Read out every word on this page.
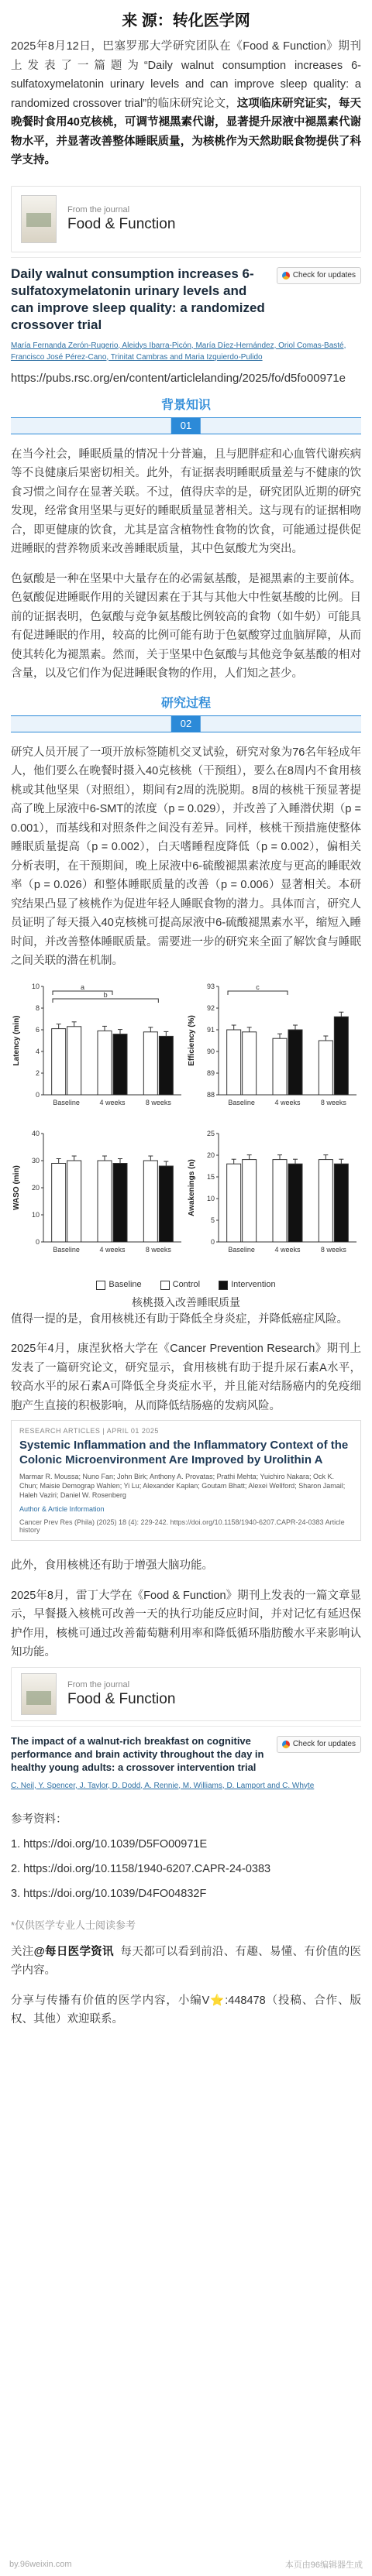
来 源：转化医学网

2025年8月12日，巴塞罗那大学研究团队在《Food & Function》期刊上发表了一篇题为“Daily walnut consumption increases 6-sulfatoxymelatonin urinary levels and can improve sleep quality: a randomized crossover trial”的临床研究论文，这项临床研究证实，每天晚餐时食用40克核桃，可调节褪黑素代谢，显著提升尿液中褪黑素代谢物水平，并显著改善整体睡眠质量，为核桃作为天然助眠食物提供了科学支持。

From the journal
Food & Function
Daily walnut consumption increases 6-sulfatoxymelatonin urinary levels and can improve sleep quality: a randomized crossover trial
Check for updates
María Fernanda Zerón-Rugerio, Aleidys Ibarra-Picón, María Díez-Hernández, Oriol Comas-Basté, Francisco José Pérez-Cano, Trinitat Cambras and Maria Izquierdo-Pulido
https://pubs.rsc.org/en/content/articlelanding/2025/fo/d5fo00971e
背景知识
01

在当今社会，睡眠质量的情况十分普遍，且与肥胖症和心血管代谢疾病等不良健康后果密切相关。此外，有证据表明睡眠质量差与不健康的饮食习惯之间存在显著关联。不过，值得庆幸的是，研究团队近期的研究发现，经常食用坚果与更好的睡眠质量显著相关。这与现有的证据相吻合，即更健康的饮食，尤其是富含植物性食物的饮食，可能通过提供促进睡眠的营养物质来改善睡眠质量，其中色氨酸尤为突出。

色氨酸是一种在坚果中大量存在的必需氨基酸，是褪黑素的主要前体。色氨酸促进睡眠作用的关键因素在于其与其他大中性氨基酸的比例。目前的证据表明，色氨酸与竞争氨基酸比例较高的食物（如牛奶）可能具有促进睡眠的作用，较高的比例可能有助于色氨酸穿过血脑屏障，从而使其转化为褪黑素。然而，关于坚果中色氨酸与其他竞争氨基酸的相对含量，以及它们作为促进睡眠食物的作用，人们知之甚少。

研究过程
02

研究人员开展了一项开放标签随机交叉试验，研究对象为76名年轻成年人，他们要么在晚餐时摄入40克核桃（干预组），要么在8周内不食用核桃或其他坚果（对照组），期间有2周的洗脱期。8周的核桃干预显著提高了晚上尿液中6-SMT的浓度（p = 0.029），并改善了入睡潜伏期（p = 0.001），而基线和对照条件之间没有差异。同样，核桃干预措施使整体睡眠质量提高（p = 0.002），白天嗜睡程度降低（p = 0.002），偏相关分析表明，在干预期间，晚上尿液中6-硫酸褪黑素浓度与更高的睡眠效率（p = 0.026）和整体睡眠质量的改善（p = 0.006）显著相关。本研究结果凸显了核桃作为促进年轻人睡眠食物的潜力。具体而言，研究人员证明了每天摄入40克核桃可提高尿液中6-硫酸褪黑素水平，缩短入睡时间，并改善整体睡眠质量。需要进一步的研究来全面了解饮食与睡眠之间关联的潜在机制。

0
2
4
6
8
10
Latency (min)
Baseline	4 weeks	8 weeks
a
b
88
89
90
91
92
93
Efficiency (%)
Baseline	4 weeks	8 weeks
c
0
10
20
30
40
WASO (min)
Baseline	4 weeks	8 weeks
0
5
10
15
20
25
Awakenings (n)
Baseline	4 weeks	8 weeks
Baseline	Control	Intervention
核桃摄入改善睡眠质量

值得一提的是，食用核桃还有助于降低全身炎症，并降低癌症风险。

2025年4月，康涅狄格大学在《Cancer Prevention Research》期刊上发表了一篇研究论文，研究显示，食用核桃有助于提升尿石素A水平，较高水平的尿石素A可降低全身炎症水平，并且能对结肠癌内的免疫细胞产生直接的积极影响，从而降低结肠癌的发病风险。

RESEARCH ARTICLES | APRIL 01 2025
Systemic Inflammation and the Inflammatory Context of the Colonic Microenvironment Are Improved by Urolithin A
Marmar R. Moussa; Nuno Fan; John Birk; Anthony A. Provatas; Prathi Mehta; Yuichiro Nakara; Ock K. Chun; Maisie Demograp Wahlen; Yi Lu; Alexander Kaplan; Goutam Bhatt; Alexei Wellford; Sharon Jamail; Haleh Vaziri; Daniel W. Rosenberg
Author & Article Information
Cancer Prev Res (Phila) (2025) 18 (4): 229-242. https://doi.org/10.1158/1940-6207.CAPR-24-0383 Article history

此外，食用核桃还有助于增强大脑功能。

2025年8月，雷丁大学在《Food & Function》期刊上发表的一篇文章显示，早餐摄入核桃可改善一天的执行功能反应时间，并对记忆有延迟保护作用，核桃可通过改善葡萄糖利用率和降低循环脂肪酸水平来影响认知功能。

From the journal
Food & Function
The impact of a walnut-rich breakfast on cognitive performance and brain activity throughout the day in healthy young adults: a crossover intervention trial
Check for updates
C. Neil, Y. Spencer, J. Taylor, D. Dodd, A. Rennie, M. Williams, D. Lamport and C. Whyte
参考资料：
1. https://doi.org/10.1039/D5FO00971E
2. https://doi.org/10.1158/1940-6207.CAPR-24-0383
3. https://doi.org/10.1039/D4FO04832F
*仅供医学专业人士阅读参考

关注@每日医学资讯 每天都可以看到前沿、有趣、易懂、有价值的医学内容。

分享与传播有价值的医学内容，小编V⭐:448478（投稿、合作、版权、其他）欢迎联系。

by.96weixin.com	本页由96编辑器生成
